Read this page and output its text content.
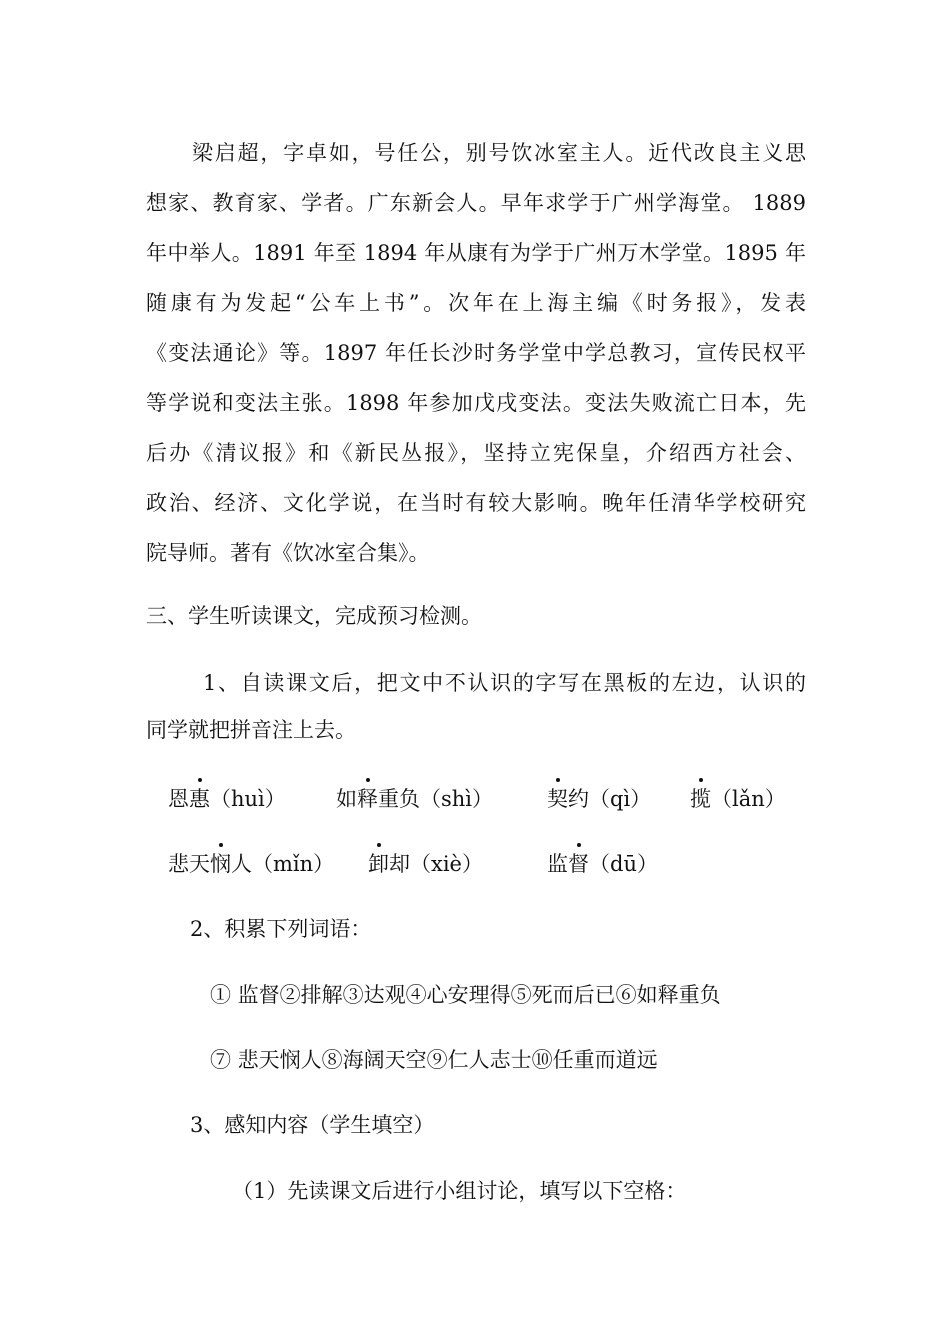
梁启超，字卓如，号任公，别号饮冰室主人。近代改良主义思
想家、教育家、学者。广东新会人。早年求学于广州学海堂。 1889
年中举人。1891 年至 1894 年从康有为学于广州万木学堂。1895 年
随康有为发起“公车上书”。次年在上海主编《时务报》，发表
《变法通论》等。1897 年任长沙时务学堂中学总教习，宣传民权平
等学说和变法主张。1898 年参加戊戌变法。变法失败流亡日本，先
后办《清议报》和《新民丛报》，坚持立宪保皇，介绍西方社会、
政治、经济、文化学说，在当时有较大影响。晚年任清华学校研究
院导师。著有《饮冰室合集》。
三、学生听读课文，完成预习检测。
1、自读课文后，把文中不认识的字写在黑板的左边，认识的
同学就把拼音注上去。
恩惠（huì） 如释重负（shì）	契约（qì） 揽（lǎn）
悲天悯人（mǐn） 卸却（xiè）	监督（dū）
2、积累下列词语：
① 监督②排解③达观④心安理得⑤死而后已⑥如释重负
⑦ 悲天悯人⑧海阔天空⑨仁人志士⑩任重而道远
3、感知内容（学生填空）
（1）先读课文后进行小组讨论，填写以下空格：
